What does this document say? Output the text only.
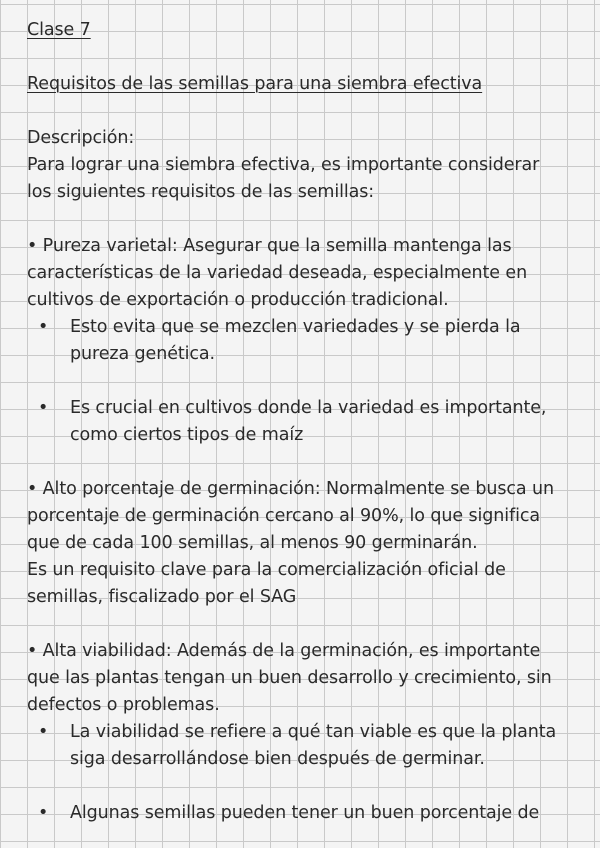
Clase 7
Requisitos de las semillas para una siembra efectiva
Descripción:
Para lograr una siembra efectiva, es importante considerar
los siguientes requisitos de las semillas:
• Pureza varietal: Asegurar que la semilla mantenga las
características de la variedad deseada, especialmente en
cultivos de exportación o producción tradicional.
• Esto evita que se mezclen variedades y se pierda la
pureza genética.
• Es crucial en cultivos donde la variedad es importante,
como ciertos tipos de maíz
• Alto porcentaje de germinación: Normalmente se busca un
porcentaje de germinación cercano al 90%, lo que significa
que de cada 100 semillas, al menos 90 germinarán.
Es un requisito clave para la comercialización oficial de
semillas, fiscalizado por el SAG
• Alta viabilidad: Además de la germinación, es importante
que las plantas tengan un buen desarrollo y crecimiento, sin
defectos o problemas.
• La viabilidad se refiere a qué tan viable es que la planta
siga desarrollándose bien después de germinar.
• Algunas semillas pueden tener un buen porcentaje de
